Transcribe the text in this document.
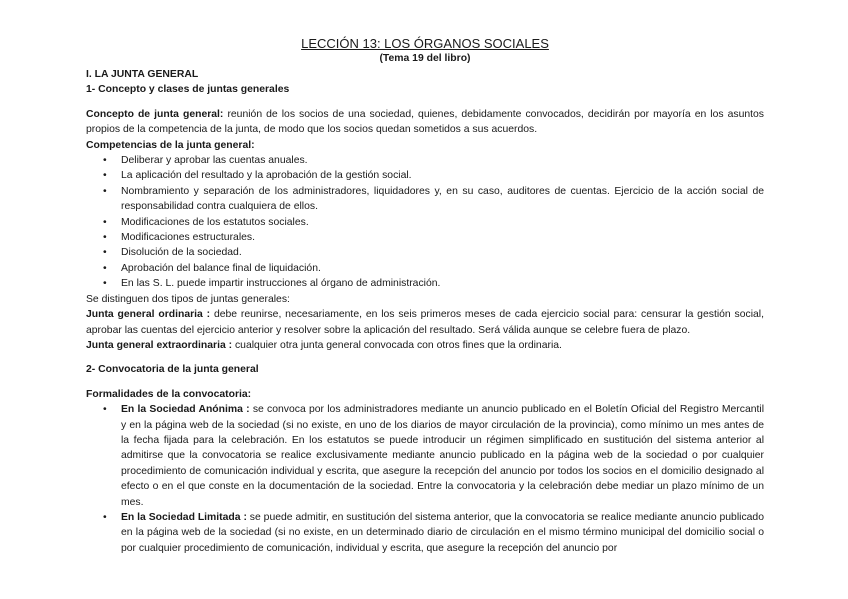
LECCIÓN 13: LOS ÓRGANOS SOCIALES
(Tema 19 del libro)
I. LA JUNTA GENERAL
1- Concepto y clases de juntas generales

Concepto de junta general: reunión de los socios de una sociedad, quienes, debidamente convocados, decidirán por mayoría en los asuntos propios de la competencia de la junta, de modo que los socios quedan sometidos a sus acuerdos.

Competencias de la junta general:
• Deliberar y aprobar las cuentas anuales.
• La aplicación del resultado y la aprobación de la gestión social.
• Nombramiento y separación de los administradores, liquidadores y, en su caso, auditores de cuentas. Ejercicio de la acción social de responsabilidad contra cualquiera de ellos.
• Modificaciones de los estatutos sociales.
• Modificaciones estructurales.
• Disolución de la sociedad.
• Aprobación del balance final de liquidación.
• En las S. L. puede impartir instrucciones al órgano de administración.

Se distinguen dos tipos de juntas generales:

Junta general ordinaria : debe reunirse, necesariamente, en los seis primeros meses de cada ejercicio social para: censurar la gestión social, aprobar las cuentas del ejercicio anterior y resolver sobre la aplicación del resultado. Será válida aunque se celebre fuera de plazo.

Junta general extraordinaria : cualquier otra junta general convocada con otros fines que la ordinaria.

2- Convocatoria de la junta general
Formalidades de la convocatoria:
• En la Sociedad Anónima : se convoca por los administradores mediante un anuncio publicado en el Boletín Oficial del Registro Mercantil y en la página web de la sociedad (si no existe, en uno de los diarios de mayor circulación de la provincia), como mínimo un mes antes de la fecha fijada para la celebración. En los estatutos se puede introducir un régimen simplificado en sustitución del sistema anterior al admitirse que la convocatoria se realice exclusivamente mediante anuncio publicado en la página web de la sociedad o por cualquier procedimiento de comunicación individual y escrita, que asegure la recepción del anuncio por todos los socios en el domicilio designado al efecto o en el que conste en la documentación de la sociedad. Entre la convocatoria y la celebración debe mediar un plazo mínimo de un mes.
• En la Sociedad Limitada : se puede admitir, en sustitución del sistema anterior, que la convocatoria se realice mediante anuncio publicado en la página web de la sociedad (si no existe, en un determinado diario de circulación en el mismo término municipal del domicilio social o por cualquier procedimiento de comunicación, individual y escrita, que asegure la recepción del anuncio por
